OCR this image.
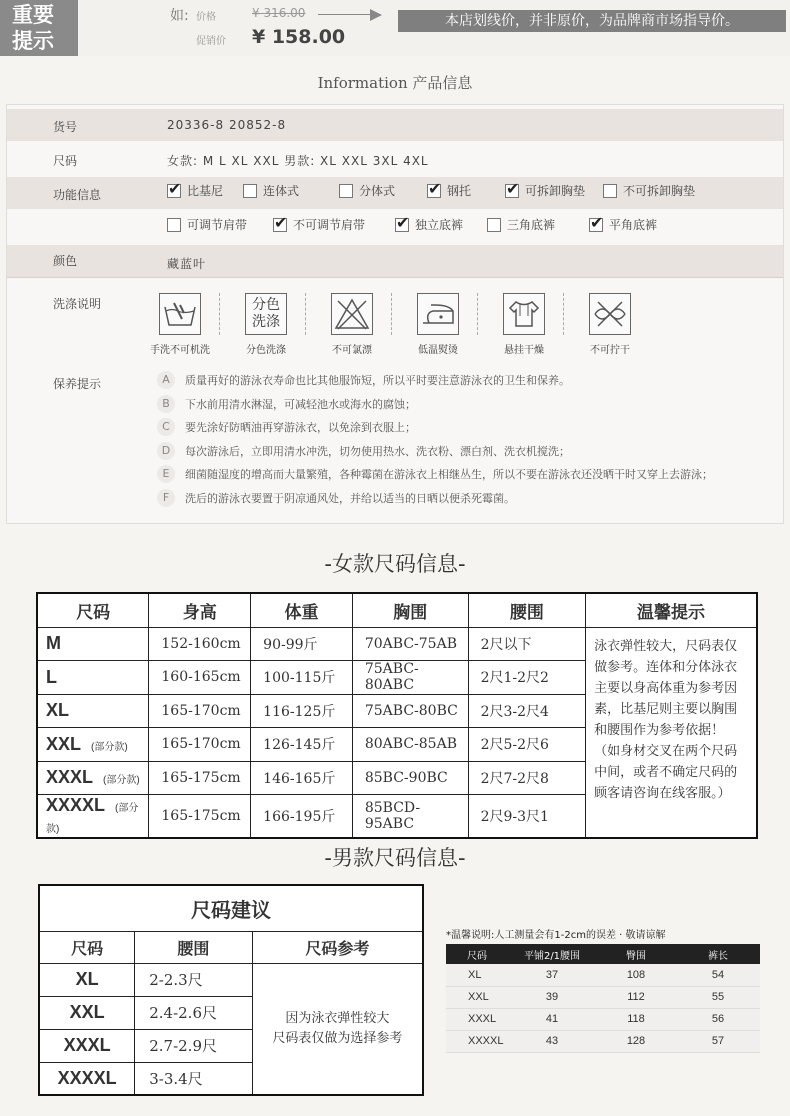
重要
提示
如: 价格	¥ 316.00
促销价 ¥ 158.00
本店划线价，并非原价，为品牌商市场指导价。
Information 产品信息
货号	20336-8 20852-8
尺码	女款: M L XL XXL 男款: XL XXL 3XL 4XL
功能信息 ✔	比基尼	连体式	分体式 ✔	钢托 ✔	可拆卸胸垫	不可拆卸胸垫
可调节肩带 ✔	不可调节肩带 ✔	独立底裤	三角底裤 ✔	平角底裤
颜色	藏蓝叶
洗涤说明
手洗不可机洗
分色
洗涤
分色洗涤	不可氯漂	低温熨烫	悬挂干燥	不可拧干
保养提示	A	质量再好的游泳衣寿命也比其他服饰短，所以平时要注意游泳衣的卫生和保养。
B	下水前用清水淋湿，可减轻池水或海水的腐蚀；
C	要先涂好防晒油再穿游泳衣，以免涂到衣服上；
D	每次游泳后，立即用清水冲洗，切勿使用热水、洗衣粉、漂白剂、洗衣机搅洗；
E	细菌随湿度的增高而大量繁殖，各种霉菌在游泳衣上相继丛生，所以不要在游泳衣还没晒干时又穿上去游泳；
F	洗后的游泳衣要置于阴凉通风处，并给以适当的日晒以便杀死霉菌。
-女款尺码信息-
尺码	身高	体重	胸围	腰围	温馨提示
M	152-160cm	90-99斤	70ABC-75AB	2尺以下	泳衣弹性较大，尺码表仅做参考。连体和分体泳衣主要以身高体重为参考因素，比基尼则主要以胸围和腰围作为参考依据！（如身材交叉在两个尺码中间，或者不确定尺码的顾客请咨询在线客服。）
L	160-165cm	100-115斤	75ABC-80ABC	2尺1-2尺2	
XL	165-170cm	116-125斤	75ABC-80BC	2尺3-2尺4	
XXL (部分款)	165-170cm	126-145斤	80ABC-85AB	2尺5-2尺6	
XXXL (部分款)	165-175cm	146-165斤	85BC-90BC	2尺7-2尺8	
XXXXL (部分款)	165-175cm	166-195斤	85BCD-95ABC	2尺9-3尺1	
-男款尺码信息-
尺码建议		
尺码	腰围	尺码参考
XL	2-2.3尺	因为泳衣弹性较大
尺码表仅做为选择参考

XXL	2.4-2.6尺	
XXXL	2.7-2.9尺	
XXXXL	3-3.4尺	
*温馨说明:人工测量会有1-2cm的误差 · 敬请谅解
尺码	平铺2/1腰围	臀围	裤长
XL	37	108	54
XXL	39	112	55
XXXL	41	118	56
XXXXL	43	128	57
